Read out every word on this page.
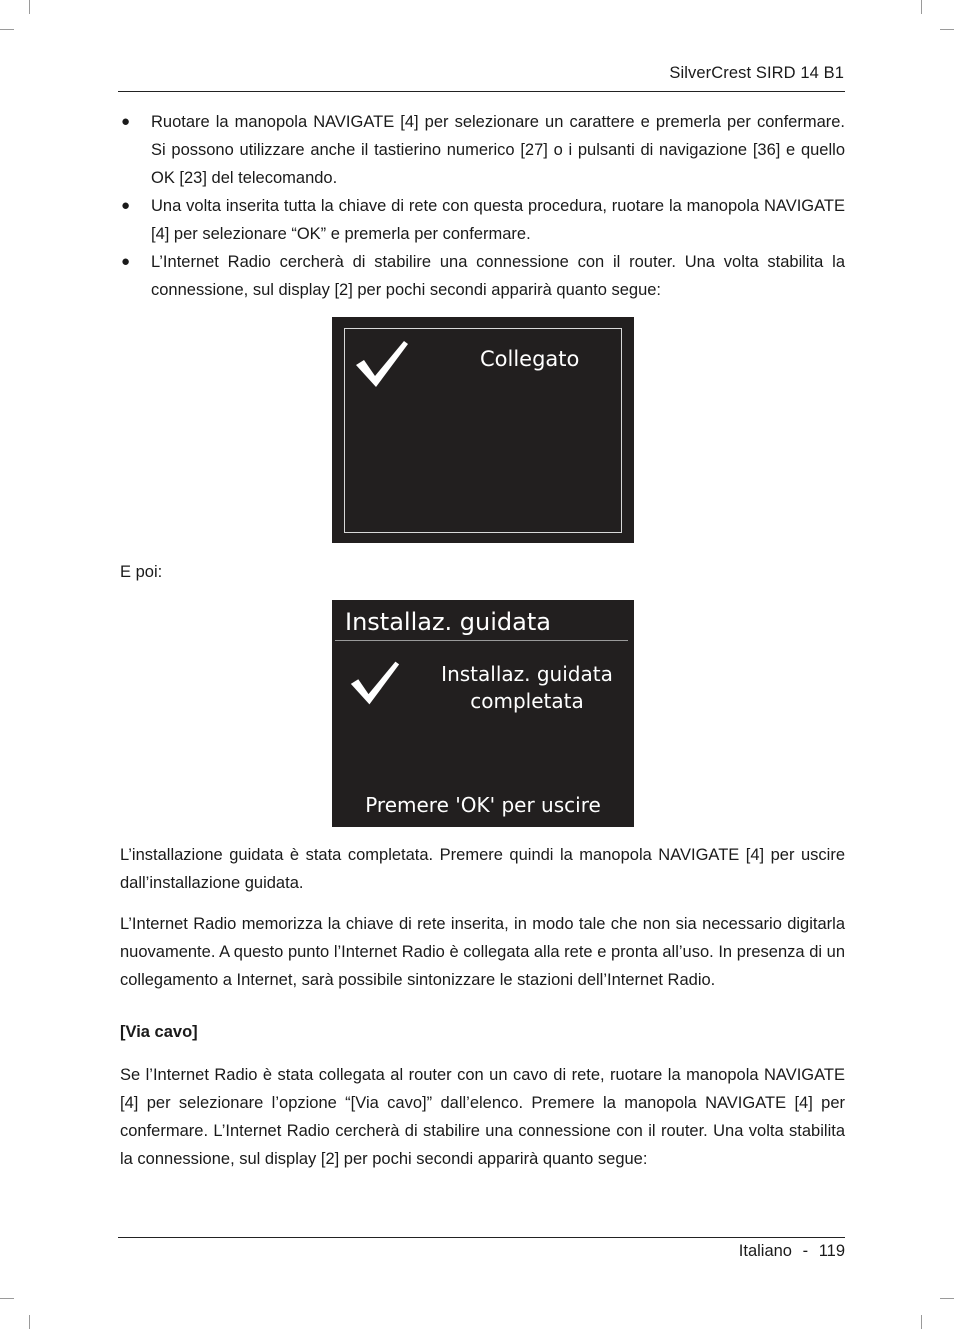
SilverCrest SIRD 14 B1
● Ruotare la manopola NAVIGATE [4] per selezionare un carattere e premerla per confermare. Si possono utilizzare anche il tastierino numerico [27] o i pulsanti di navigazione [36] e quello OK [23] del telecomando.
● Una volta inserita tutta la chiave di rete con questa procedura, ruotare la manopola NAVIGATE [4] per selezionare “OK” e premerla per confermare.
● L’Internet Radio cercherà di stabilire una connessione con il router. Una volta stabilita la connessione, sul display [2] per pochi secondi apparirà quanto segue:
Collegato

E poi:

Installaz. guidata
Installaz. guidata
completata
Premere 'OK' per uscire

L’installazione guidata è stata completata. Premere quindi la manopola NAVIGATE [4] per uscire dall’installazione guidata.

L’Internet Radio memorizza la chiave di rete inserita, in modo tale che non sia necessario digitarla nuovamente. A questo punto l’Internet Radio è collegata alla rete e pronta all’uso. In presenza di un collegamento a Internet, sarà possibile sintonizzare le stazioni dell’Internet Radio.

[Via cavo]

Se l’Internet Radio è stata collegata al router con un cavo di rete, ruotare la manopola NAVIGATE [4] per selezionare l’opzione “[Via cavo]” dall’elenco. Premere la manopola NAVIGATE [4] per confermare. L’Internet Radio cercherà di stabilire una connessione con il router. Una volta stabilita la connessione, sul display [2] per pochi secondi apparirà quanto segue:

Italiano - 119
